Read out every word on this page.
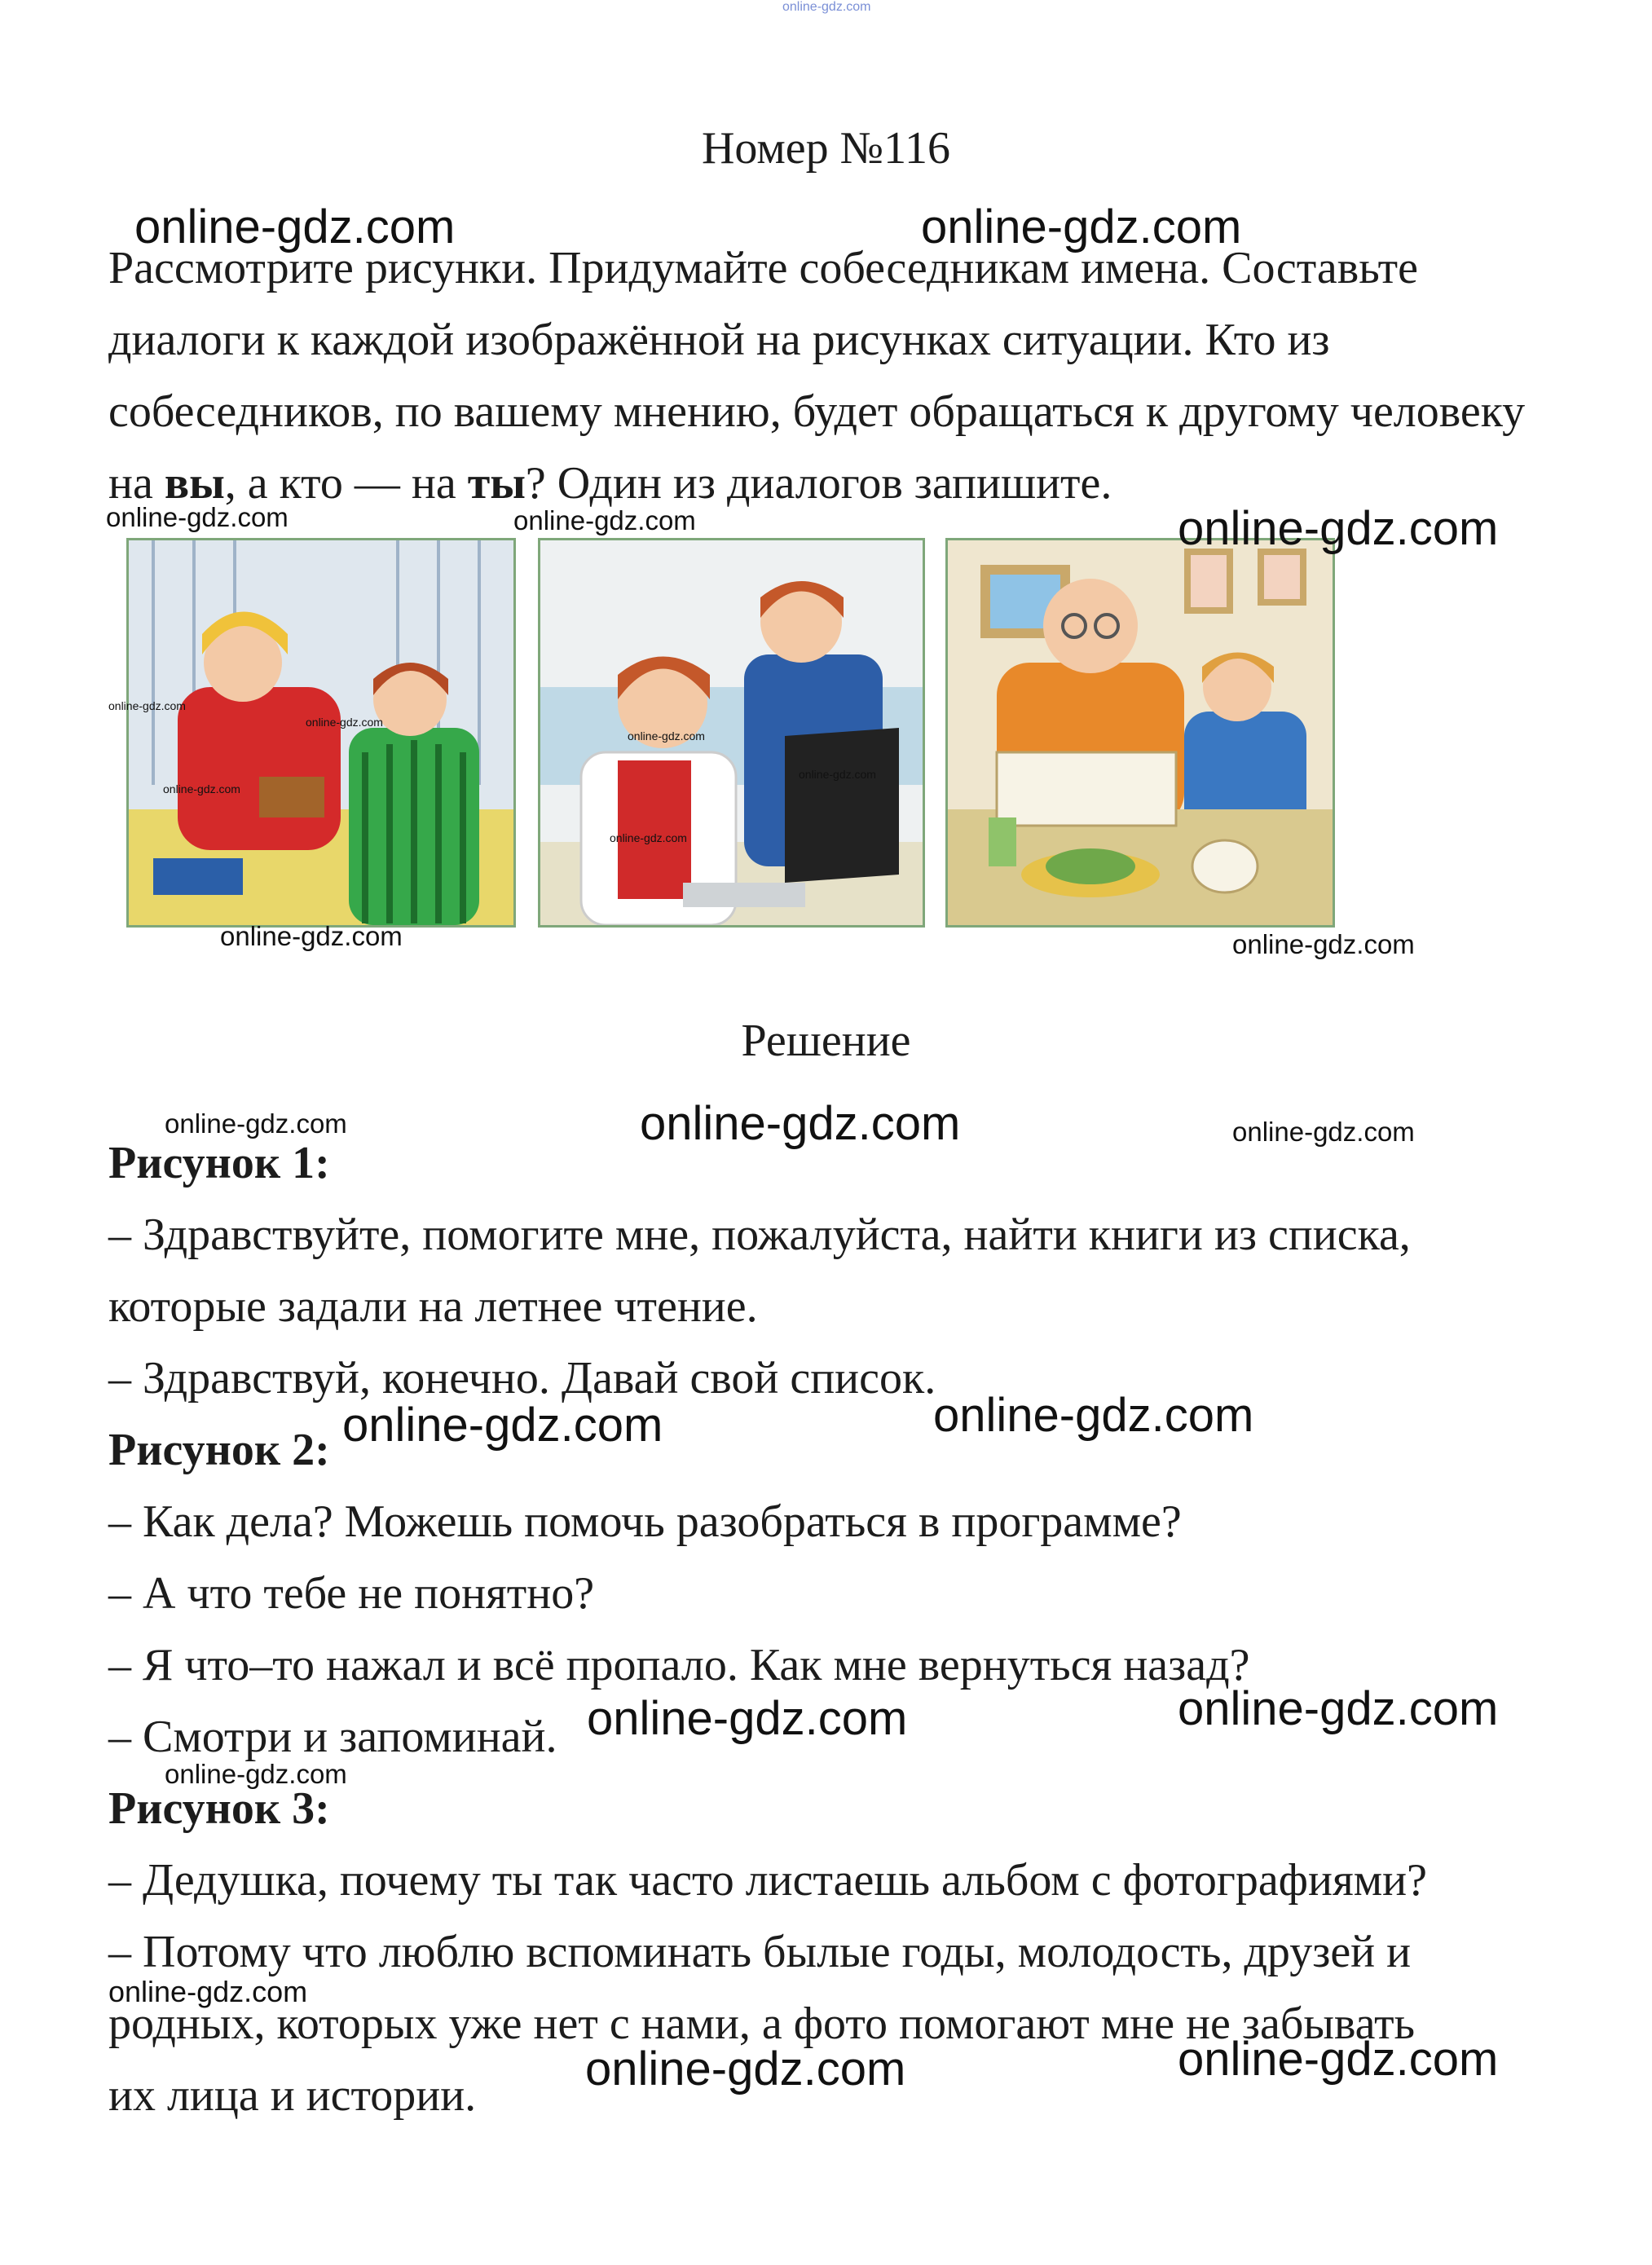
online-gdz.com
Номер №116

Рассмотрите рисунки. Придумайте собеседникам имена. Составьте диалоги к каждой изображённой на рисунках ситуации. Кто из собеседников, по вашему мнению, будет обращаться к другому человеку на вы, а кто — на ты? Один из диалогов запишите.

Решение
Рисунок 1:
– Здравствуйте, помогите мне, пожалуйста, найти книги из списка,
которые задали на летнее чтение.
– Здравствуй, конечно. Давай свой список.
Рисунок 2:
– Как дела? Можешь помочь разобраться в программе?
– А что тебе не понятно?
– Я что–то нажал и всё пропало. Как мне вернуться назад?
– Смотри и запоминай.
Рисунок 3:
– Дедушка, почему ты так часто листаешь альбом с фотографиями?
– Потому что люблю вспоминать былые годы, молодость, друзей и
родных, которых уже нет с нами, а фото помогают мне не забывать
их лица и истории.
online-gdz.com	online-gdz.com
online-gdz.com	online-gdz.com	online-gdz.com
online-gdz.com
online-gdz.com
online-gdz.com
online-gdz.com
online-gdz.com
online-gdz.com
online-gdz.com	online-gdz.com
online-gdz.com	online-gdz.com	online-gdz.com
online-gdz.com	online-gdz.com
online-gdz.com	online-gdz.com
online-gdz.com
online-gdz.com
online-gdz.com	online-gdz.com
